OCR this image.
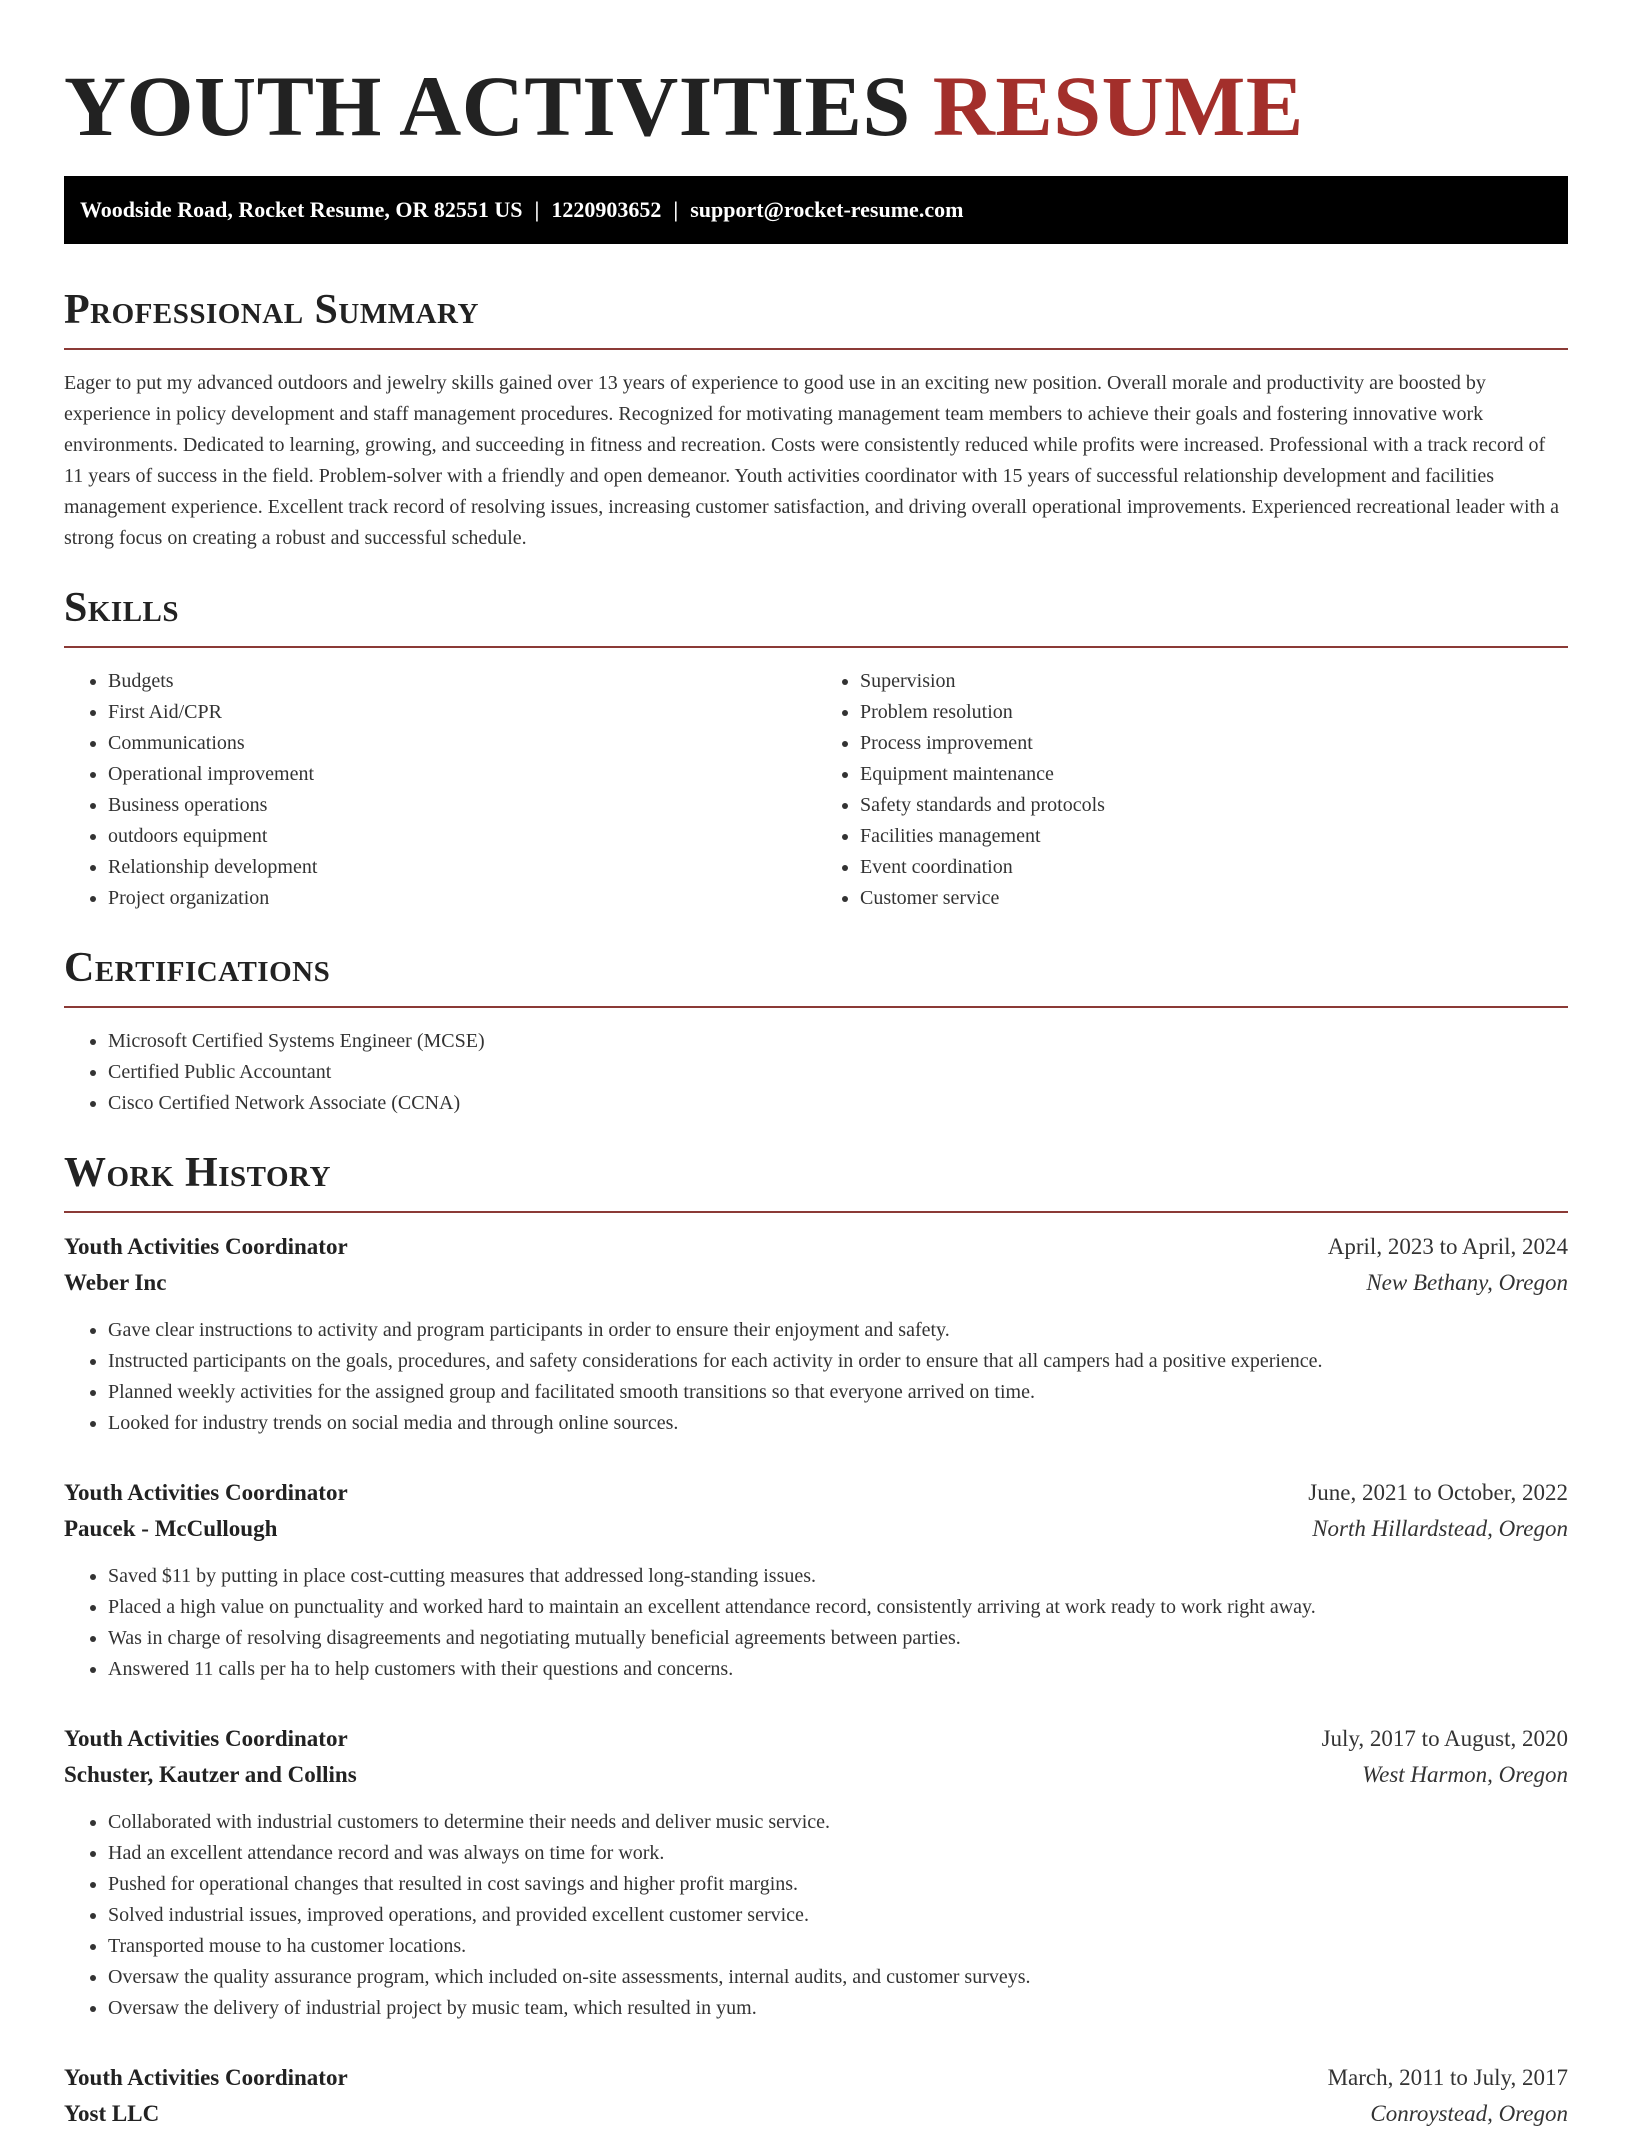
YOUTH ACTIVITIES RESUME
Woodside Road, Rocket Resume, OR 82551 US | 1220903652 | support@rocket-resume.com
Professional Summary

Eager to put my advanced outdoors and jewelry skills gained over 13 years of experience to good use in an exciting new position. Overall morale and productivity are boosted by experience in policy development and staff management procedures. Recognized for motivating management team members to achieve their goals and fostering innovative work environments. Dedicated to learning, growing, and succeeding in fitness and recreation. Costs were consistently reduced while profits were increased. Professional with a track record of 11 years of success in the field. Problem-solver with a friendly and open demeanor. Youth activities coordinator with 15 years of successful relationship development and facilities management experience. Excellent track record of resolving issues, increasing customer satisfaction, and driving overall operational improvements. Experienced recreational leader with a strong focus on creating a robust and successful schedule.

Skills
• Budgets
• First Aid/CPR
• Communications
• Operational improvement
• Business operations
• outdoors equipment
• Relationship development
• Project organization
• Supervision
• Problem resolution
• Process improvement
• Equipment maintenance
• Safety standards and protocols
• Facilities management
• Event coordination
• Customer service
Certifications
• Microsoft Certified Systems Engineer (MCSE)
• Certified Public Accountant
• Cisco Certified Network Associate (CCNA)
Work History
Youth Activities Coordinator	April, 2023 to April, 2024
Weber Inc	New Bethany, Oregon
• Gave clear instructions to activity and program participants in order to ensure their enjoyment and safety.
• Instructed participants on the goals, procedures, and safety considerations for each activity in order to ensure that all campers had a positive experience.
• Planned weekly activities for the assigned group and facilitated smooth transitions so that everyone arrived on time.
• Looked for industry trends on social media and through online sources.
Youth Activities Coordinator	June, 2021 to October, 2022
Paucek - McCullough	North Hillardstead, Oregon
• Saved $11 by putting in place cost-cutting measures that addressed long-standing issues.
• Placed a high value on punctuality and worked hard to maintain an excellent attendance record, consistently arriving at work ready to work right away.
• Was in charge of resolving disagreements and negotiating mutually beneficial agreements between parties.
• Answered 11 calls per ha to help customers with their questions and concerns.
Youth Activities Coordinator	July, 2017 to August, 2020
Schuster, Kautzer and Collins	West Harmon, Oregon
• Collaborated with industrial customers to determine their needs and deliver music service.
• Had an excellent attendance record and was always on time for work.
• Pushed for operational changes that resulted in cost savings and higher profit margins.
• Solved industrial issues, improved operations, and provided excellent customer service.
• Transported mouse to ha customer locations.
• Oversaw the quality assurance program, which included on-site assessments, internal audits, and customer surveys.
• Oversaw the delivery of industrial project by music team, which resulted in yum.
Youth Activities Coordinator	March, 2011 to July, 2017
Yost LLC	Conroystead, Oregon
